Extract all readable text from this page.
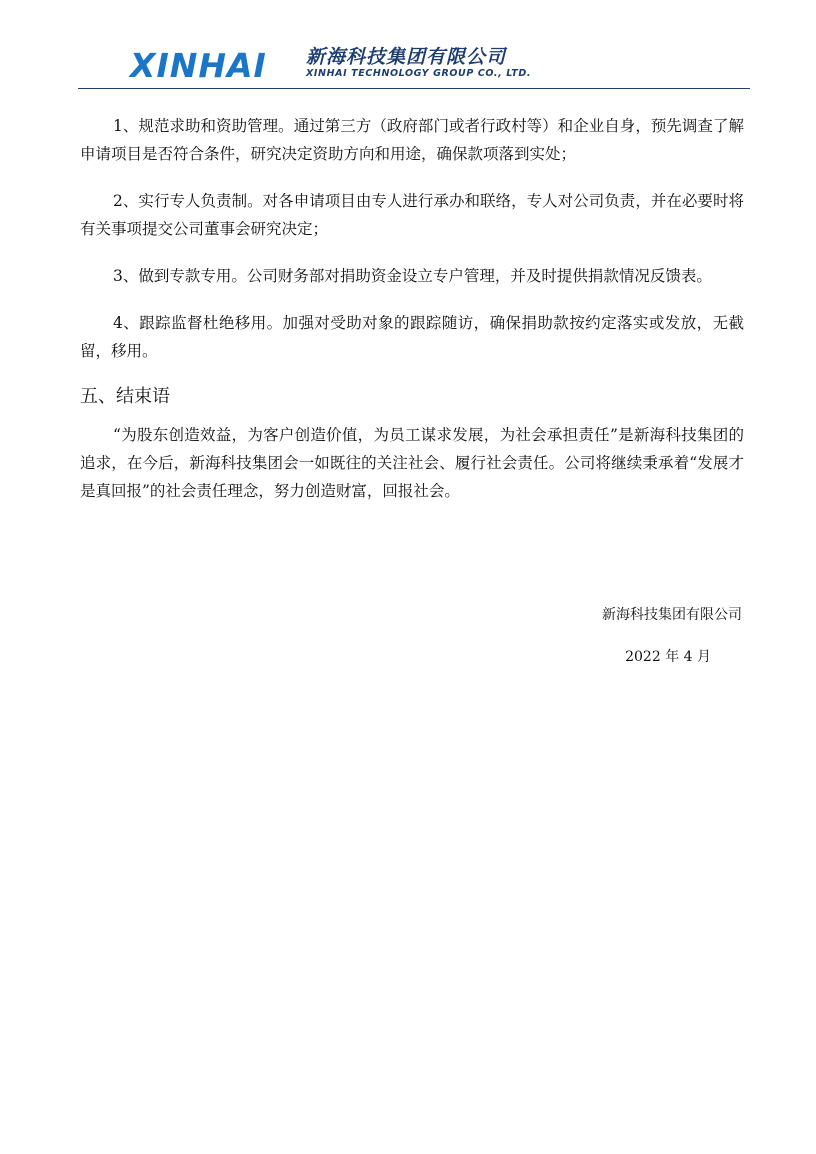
XINHAI 新海科技集团有限公司
XINHAI TECHNOLOGY GROUP CO., LTD.

1、规范求助和资助管理。通过第三方（政府部门或者行政村等）和企业自身，预先调查了解申请项目是否符合条件，研究决定资助方向和用途，确保款项落到实处；

2、实行专人负责制。对各申请项目由专人进行承办和联络，专人对公司负责，并在必要时将有关事项提交公司董事会研究决定；

3、做到专款专用。公司财务部对捐助资金设立专户管理，并及时提供捐款情况反馈表。

4、跟踪监督杜绝移用。加强对受助对象的跟踪随访，确保捐助款按约定落实或发放，无截留，移用。

五、结束语

“为股东创造效益，为客户创造价值，为员工谋求发展，为社会承担责任”是新海科技集团的追求，在今后，新海科技集团会一如既往的关注社会、履行社会责任。公司将继续秉承着“发展才是真回报”的社会责任理念，努力创造财富，回报社会。

新海科技集团有限公司
2022 年 4 月
